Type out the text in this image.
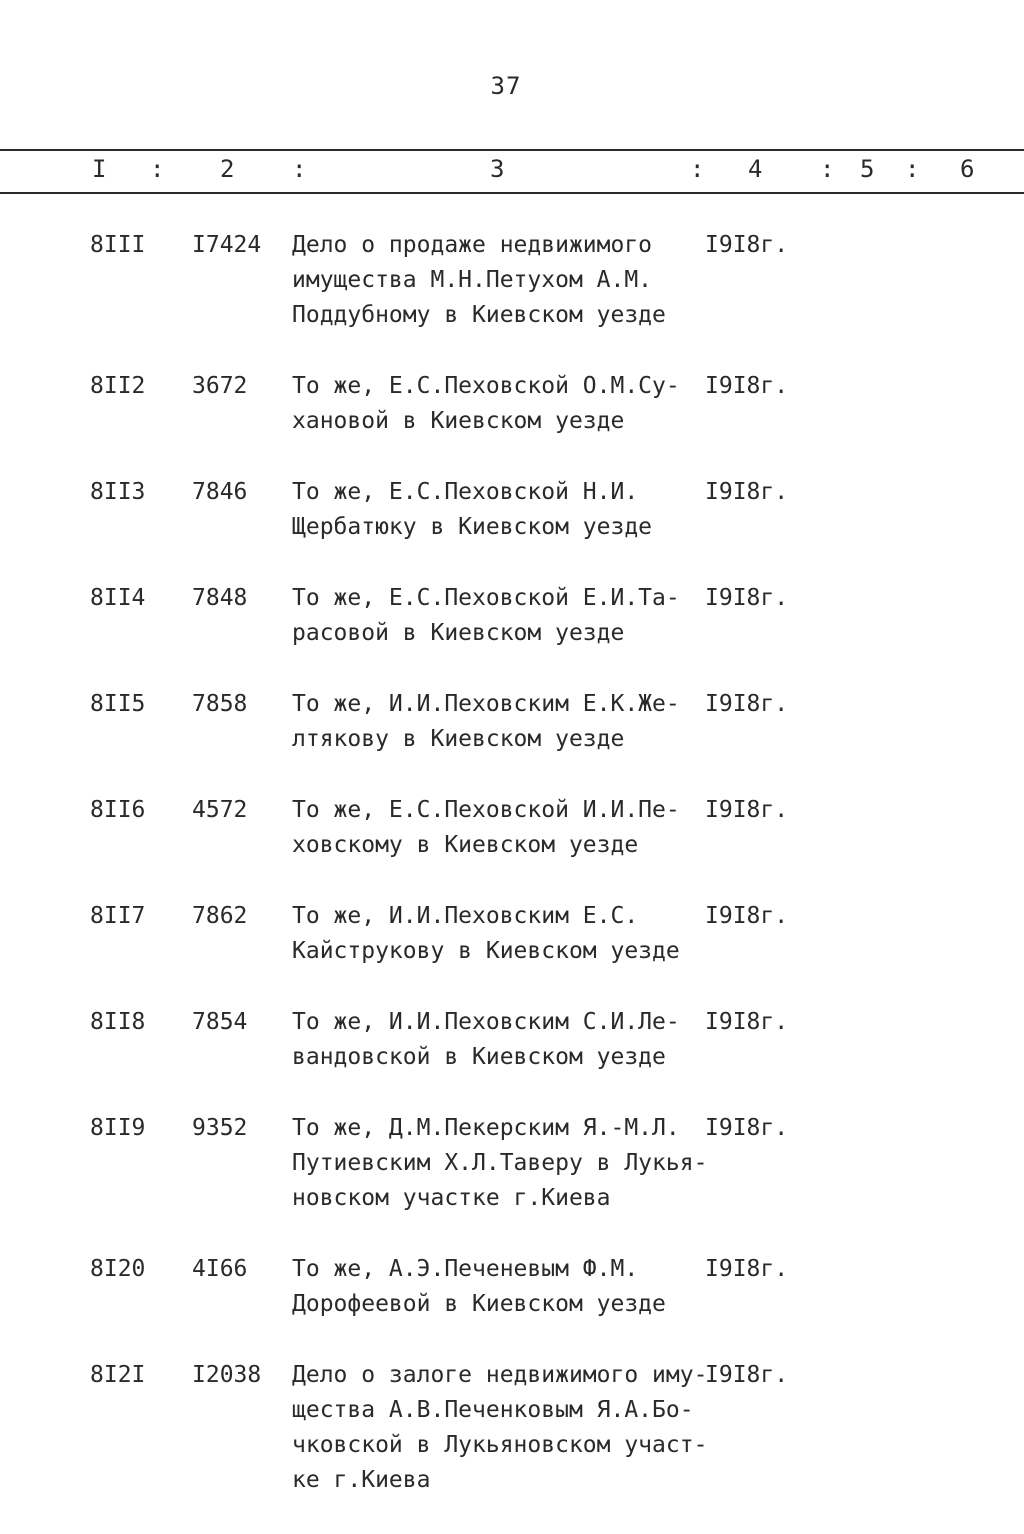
37
I : 2 :	3	: 4 : 5 : 6
8III I7424 Дело о продаже недвижимого
имущества М.Н.Петухом А.М.
Поддубному в Киевском уезде
I9I8г.
8II2 3672 То же, Е.С.Пеховской О.М.Су-
хановой в Киевском уезде
I9I8г.
8II3 7846 То же, Е.С.Пеховской Н.И.
Щербатюку в Киевском уезде
I9I8г.
8II4 7848 То же, Е.С.Пеховской Е.И.Та-
расовой в Киевском уезде
I9I8г.
8II5 7858 То же, И.И.Пеховским Е.К.Же-
лтякову в Киевском уезде
I9I8г.
8II6 4572 То же, Е.С.Пеховской И.И.Пе-
ховскому в Киевском уезде
I9I8г.
8II7 7862 То же, И.И.Пеховским Е.С.
Кайструкову в Киевском уезде
I9I8г.
8II8 7854 То же, И.И.Пеховским С.И.Ле-
вандовской в Киевском уезде
I9I8г.
8II9 9352 То же, Д.М.Пекерским Я.-М.Л.
Путиевским Х.Л.Таверу в Лукья-
новском участке г.Киева
I9I8г.
8I20 4I66 То же, А.Э.Печеневым Ф.М.
Дорофеевой в Киевском уезде
I9I8г.
8I2I I2038 Дело о залоге недвижимого иму-
щества А.В.Печенковым Я.А.Бо-
чковской в Лукьяновском участ-
ке г.Киева
I9I8г.
